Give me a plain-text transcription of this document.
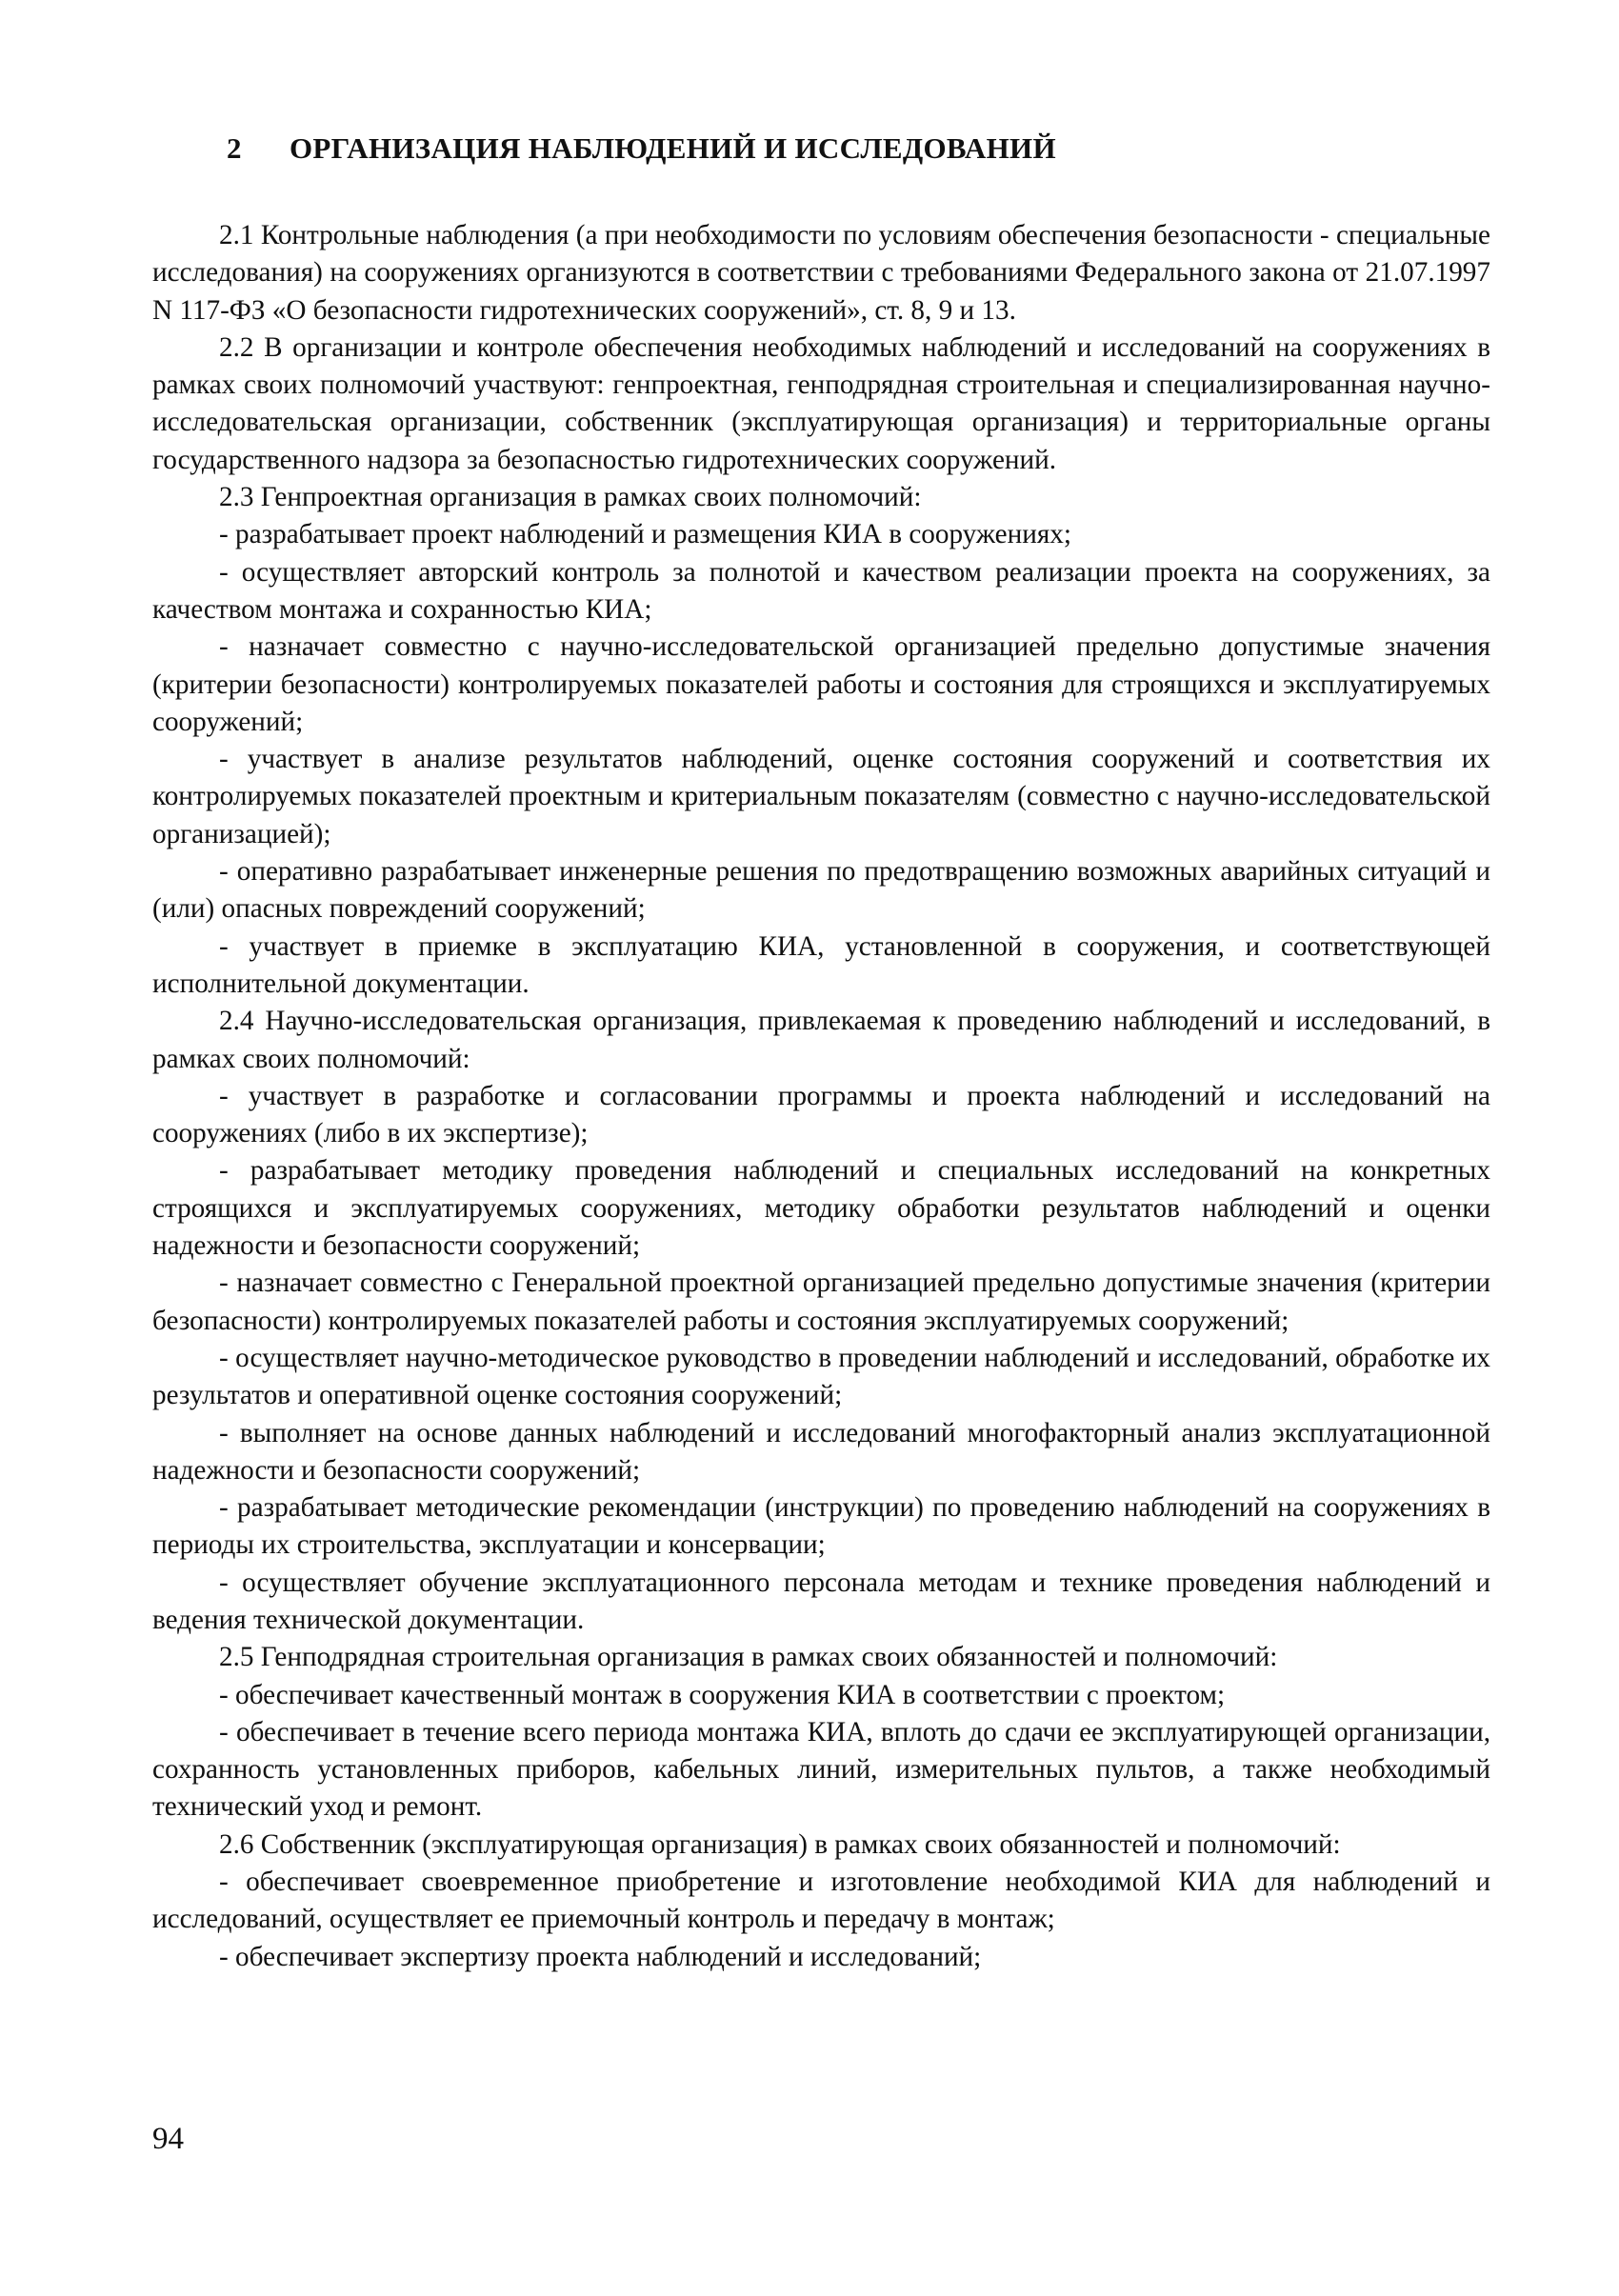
2 ОРГАНИЗАЦИЯ НАБЛЮДЕНИЙ И ИССЛЕДОВАНИЙ

2.1 Контрольные наблюдения (а при необходимости по условиям обеспечения безопасности - специальные исследования) на сооружениях организуются в соответствии с требованиями Федерального закона от 21.07.1997 N 117-ФЗ «О безопасности гидротехнических сооружений», ст. 8, 9 и 13.

2.2 В организации и контроле обеспечения необходимых наблюдений и исследований на сооружениях в рамках своих полномочий участвуют: генпроектная, генподрядная строительная и специализированная научно-исследовательская организации, собственник (эксплуатирующая организация) и территориальные органы государственного надзора за безопасностью гидротехнических сооружений.

2.3 Генпроектная организация в рамках своих полномочий:

- разрабатывает проект наблюдений и размещения КИА в сооружениях;

- осуществляет авторский контроль за полнотой и качеством реализации проекта на сооружениях, за качеством монтажа и сохранностью КИА;

- назначает совместно с научно-исследовательской организацией предельно допустимые значения (критерии безопасности) контролируемых показателей работы и состояния для строящихся и эксплуатируемых сооружений;

- участвует в анализе результатов наблюдений, оценке состояния сооружений и соответствия их контролируемых показателей проектным и критериальным показателям (совместно с научно-исследовательской организацией);

- оперативно разрабатывает инженерные решения по предотвращению возможных аварийных ситуаций и (или) опасных повреждений сооружений;

- участвует в приемке в эксплуатацию КИА, установленной в сооружения, и соответствующей исполнительной документации.

2.4 Научно-исследовательская организация, привлекаемая к проведению наблюдений и исследований, в рамках своих полномочий:

- участвует в разработке и согласовании программы и проекта наблюдений и исследований на сооружениях (либо в их экспертизе);

- разрабатывает методику проведения наблюдений и специальных исследований на конкретных строящихся и эксплуатируемых сооружениях, методику обработки результатов наблюдений и оценки надежности и безопасности сооружений;

- назначает совместно с Генеральной проектной организацией предельно допустимые значения (критерии безопасности) контролируемых показателей работы и состояния эксплуатируемых сооружений;

- осуществляет научно-методическое руководство в проведении наблюдений и исследований, обработке их результатов и оперативной оценке состояния сооружений;

- выполняет на основе данных наблюдений и исследований многофакторный анализ эксплуатационной надежности и безопасности сооружений;

- разрабатывает методические рекомендации (инструкции) по проведению наблюдений на сооружениях в периоды их строительства, эксплуатации и консервации;

- осуществляет обучение эксплуатационного персонала методам и технике проведения наблюдений и ведения технической документации.

2.5 Генподрядная строительная организация в рамках своих обязанностей и полномочий:

- обеспечивает качественный монтаж в сооружения КИА в соответствии с проектом;

- обеспечивает в течение всего периода монтажа КИА, вплоть до сдачи ее эксплуатирующей организации, сохранность установленных приборов, кабельных линий, измерительных пультов, а также необходимый технический уход и ремонт.

2.6 Собственник (эксплуатирующая организация) в рамках своих обязанностей и полномочий:

- обеспечивает своевременное приобретение и изготовление необходимой КИА для наблюдений и исследований, осуществляет ее приемочный контроль и передачу в монтаж;

- обеспечивает экспертизу проекта наблюдений и исследований;

94
